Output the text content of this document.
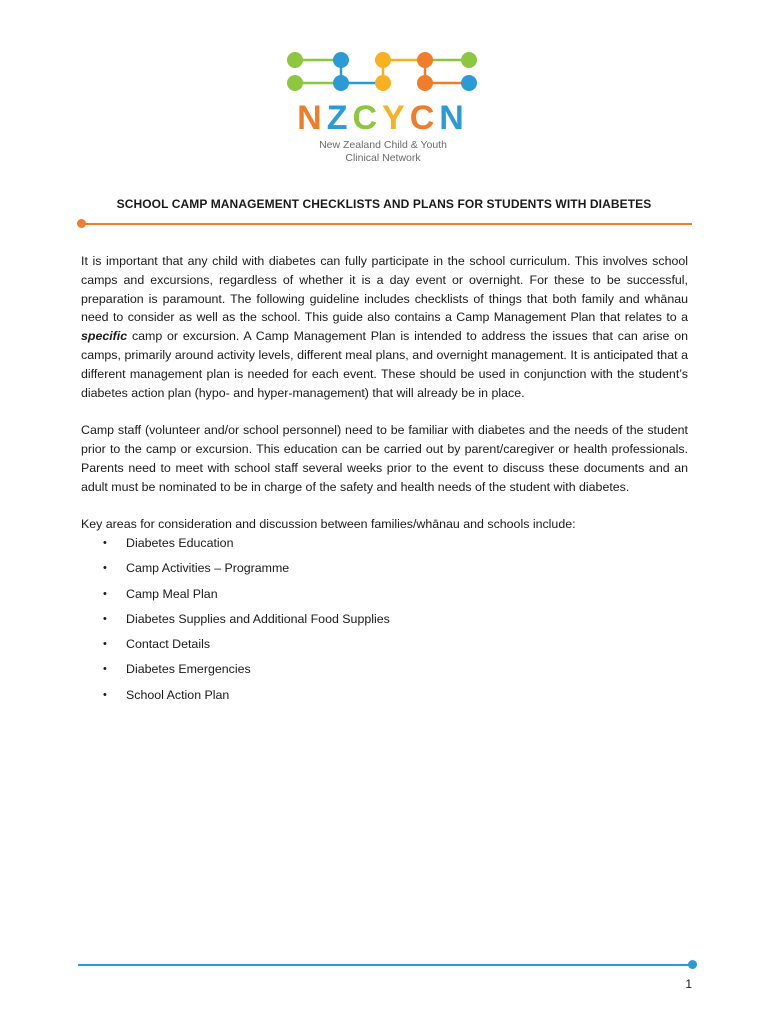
NZCYCN
New Zealand Child & Youth
Clinical Network
SCHOOL CAMP MANAGEMENT CHECKLISTS AND PLANS FOR STUDENTS WITH DIABETES

It is important that any child with diabetes can fully participate in the school curriculum. This involves school camps and excursions, regardless of whether it is a day event or overnight. For these to be successful, preparation is paramount. The following guideline includes checklists of things that both family and whānau need to consider as well as the school. This guide also contains a Camp Management Plan that relates to a specific camp or excursion. A Camp Management Plan is intended to address the issues that can arise on camps, primarily around activity levels, different meal plans, and overnight management. It is anticipated that a different management plan is needed for each event. These should be used in conjunction with the student’s diabetes action plan (hypo- and hyper-management) that will already be in place.

Camp staff (volunteer and/or school personnel) need to be familiar with diabetes and the needs of the student prior to the camp or excursion. This education can be carried out by parent/caregiver or health professionals. Parents need to meet with school staff several weeks prior to the event to discuss these documents and an adult must be nominated to be in charge of the safety and health needs of the student with diabetes.

Key areas for consideration and discussion between families/whānau and schools include:

• Diabetes Education
• Camp Activities – Programme
• Camp Meal Plan
• Diabetes Supplies and Additional Food Supplies
• Contact Details
• Diabetes Emergencies
• School Action Plan
1
